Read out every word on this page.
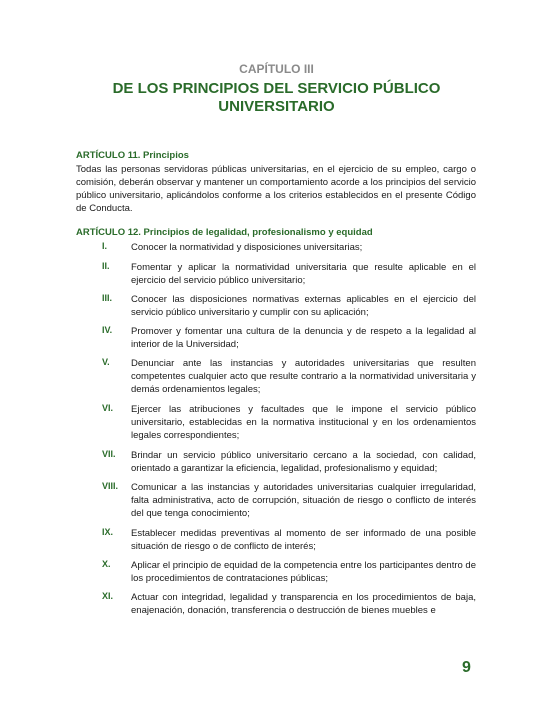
CAPÍTULO III
DE LOS PRINCIPIOS DEL SERVICIO PÚBLICO
UNIVERSITARIO
ARTÍCULO 11. Principios
Todas las personas servidoras públicas universitarias, en el ejercicio de su empleo, cargo o comisión, deberán observar y mantener un comportamiento acorde a los principios del servicio público universitario, aplicándolos conforme a los criterios establecidos en el presente Código de Conducta.
ARTÍCULO 12. Principios de legalidad, profesionalismo y equidad
I.	Conocer la normatividad y disposiciones universitarias;
II.	Fomentar y aplicar la normatividad universitaria que resulte aplicable en el ejercicio del servicio público universitario;
III.	Conocer las disposiciones normativas externas aplicables en el ejercicio del servicio público universitario y cumplir con su aplicación;
IV.	Promover y fomentar una cultura de la denuncia y de respeto a la legalidad al interior de la Universidad;
V.	Denunciar ante las instancias y autoridades universitarias que resulten competentes cualquier acto que resulte contrario a la normatividad universitaria y demás ordenamientos legales;
VI.	Ejercer las atribuciones y facultades que le impone el servicio público universitario, establecidas en la normativa institucional y en los ordenamientos legales correspondientes;
VII.	Brindar un servicio público universitario cercano a la sociedad, con calidad, orientado a garantizar la eficiencia, legalidad, profesionalismo y equidad;
VIII.	Comunicar a las instancias y autoridades universitarias cualquier irregularidad, falta administrativa, acto de corrupción, situación de riesgo o conflicto de interés del que tenga conocimiento;
IX.	Establecer medidas preventivas al momento de ser informado de una posible situación de riesgo o de conflicto de interés;
X.	Aplicar el principio de equidad de la competencia entre los participantes dentro de los procedimientos de contrataciones públicas;
XI.	Actuar con integridad, legalidad y transparencia en los procedimientos de baja, enajenación, donación, transferencia o destrucción de bienes muebles e
9
